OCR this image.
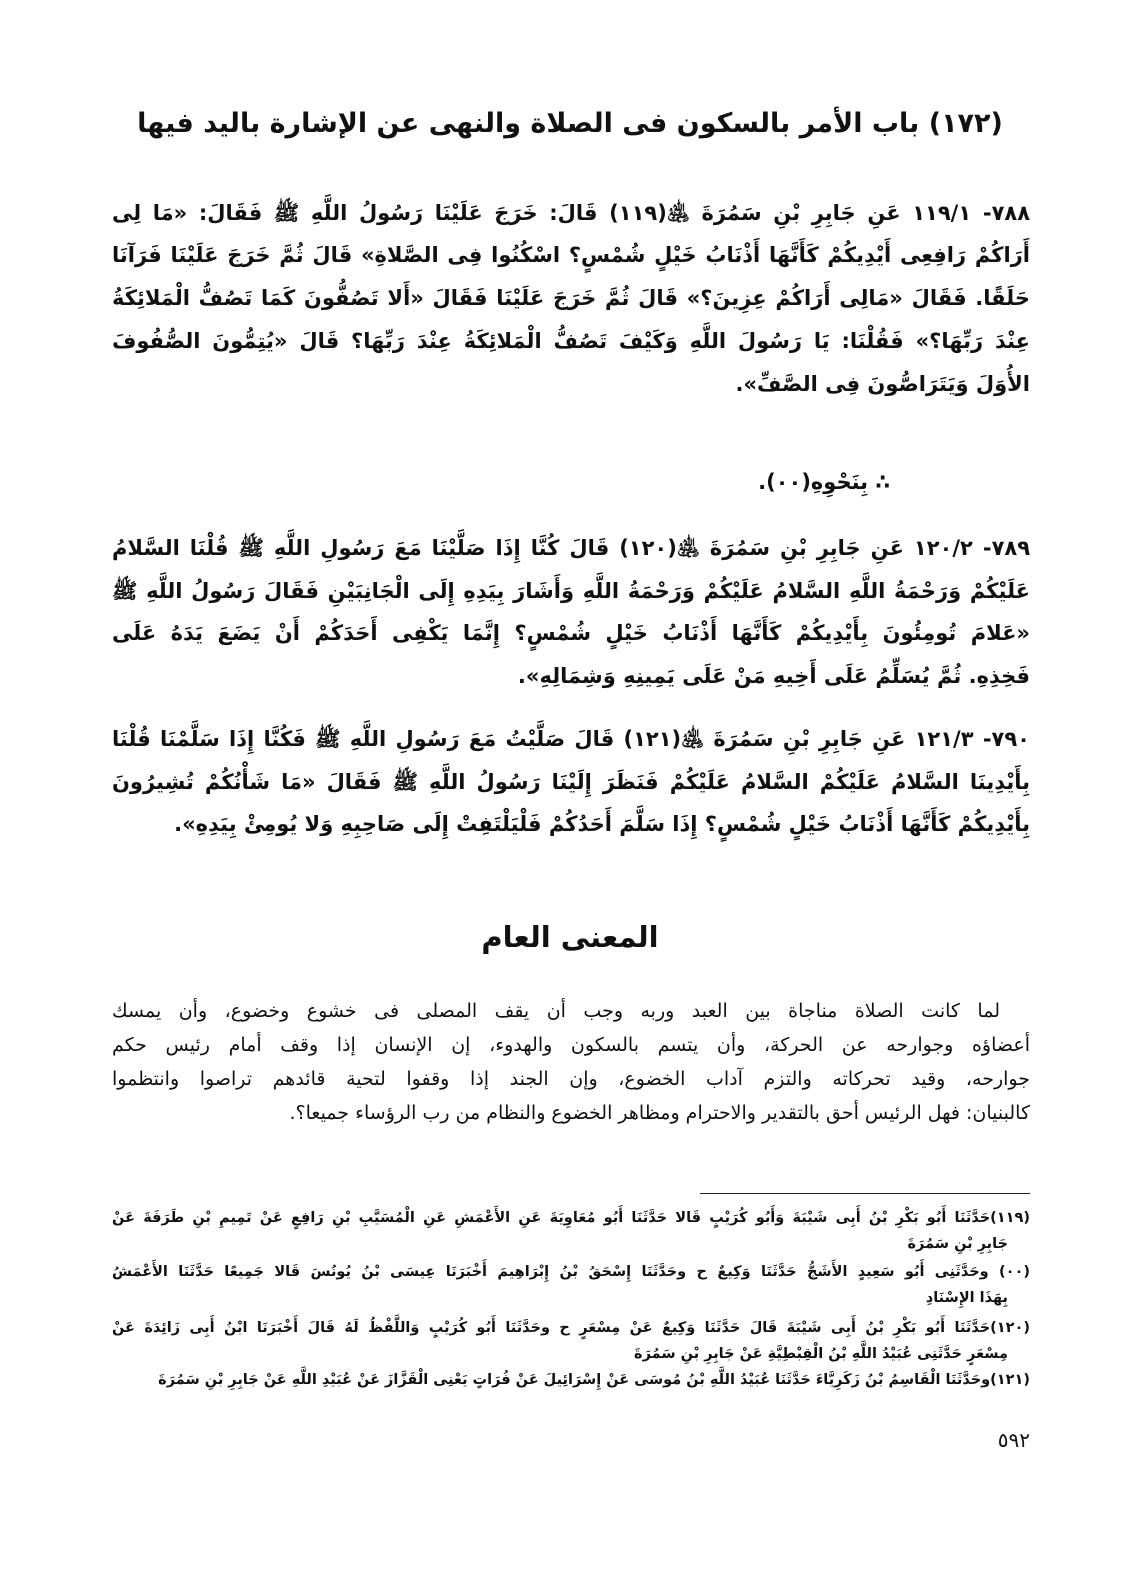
(١٧٢) باب الأمر بالسكون فى الصلاة والنهى عن الإشارة باليد فيها
٧٨٨- ١١٩/١ عَنِ جَابِرِ بْنِ سَمُرَةَ ﵁(١١٩) قَالَ: خَرَجَ عَلَيْنَا رَسُولُ اللَّهِ ﷺ فَقَالَ: «مَا لِى
أَرَاكُمْ رَافِعِى أَيْدِيكُمْ كَأَنَّهَا أَذْنَابُ خَيْلٍ شُمْسٍ؟ اسْكُنُوا فِى الصَّلاةِ» قَالَ ثُمَّ خَرَجَ عَلَيْنَا فَرَآنَا
حَلَقًا. فَقَالَ «مَالِى أَرَاكُمْ عِزِينَ؟» قَالَ ثُمَّ خَرَجَ عَلَيْنَا فَقَالَ «أَلا تَصُفُّونَ كَمَا تَصُفُّ الْمَلائِكَةُ
عِنْدَ رَبِّهَا؟» فَقُلْنَا: يَا رَسُولَ اللَّهِ وَكَيْفَ تَصُفُّ الْمَلائِكَةُ عِنْدَ رَبِّهَا؟ قَالَ «يُتِمُّونَ الصُّفُوفَ
الأُوَلَ وَيَتَرَاصُّونَ فِى الصَّفِّ».
∴ بِنَحْوِهِ(٠٠).
٧٨٩- ١٢٠/٢ عَنِ جَابِرِ بْنِ سَمُرَةَ ﵁(١٢٠) قَالَ كُنَّا إِذَا صَلَّيْنَا مَعَ رَسُولِ اللَّهِ ﷺ قُلْنَا السَّلامُ
عَلَيْكُمْ وَرَحْمَةُ اللَّهِ السَّلامُ عَلَيْكُمْ وَرَحْمَةُ اللَّهِ وَأَشَارَ بِيَدِهِ إِلَى الْجَانِبَيْنِ فَقَالَ رَسُولُ اللَّهِ ﷺ
«عَلامَ تُومِئُونَ بِأَيْدِيكُمْ كَأَنَّهَا أَذْنَابُ خَيْلٍ شُمْسٍ؟ إِنَّمَا يَكْفِى أَحَدَكُمْ أَنْ يَضَعَ يَدَهُ عَلَى
فَخِذِهِ. ثُمَّ يُسَلِّمُ عَلَى أَخِيهِ مَنْ عَلَى يَمِينِهِ وَشِمَالِهِ».
٧٩٠- ١٢١/٣ عَنِ جَابِرِ بْنِ سَمُرَةَ ﵁(١٢١) قَالَ صَلَّيْتُ مَعَ رَسُولِ اللَّهِ ﷺ فَكُنَّا إِذَا سَلَّمْنَا قُلْنَا
بِأَيْدِينَا السَّلامُ عَلَيْكُمْ السَّلامُ عَلَيْكُمْ فَنَظَرَ إِلَيْنَا رَسُولُ اللَّهِ ﷺ فَقَالَ «مَا شَأْنُكُمْ تُشِيرُونَ
بِأَيْدِيكُمْ كَأَنَّهَا أَذْنَابُ خَيْلٍ شُمْسٍ؟ إِذَا سَلَّمَ أَحَدُكُمْ فَلْيَلْتَفِتْ إِلَى صَاحِبِهِ وَلا يُومِئْ بِيَدِهِ».
المعنى العام
لما كانت الصلاة مناجاة بين العبد وربه وجب أن يقف المصلى فى خشوع وخضوع، وأن يمسك
أعضاؤه وجوارحه عن الحركة، وأن يتسم بالسكون والهدوء، إن الإنسان إذا وقف أمام رئيس حكم
جوارحه، وقيد تحركاته والتزم آداب الخضوع، وإن الجند إذا وقفوا لتحية قائدهم تراصوا وانتظموا
كالبنيان: فهل الرئيس أحق بالتقدير والاحترام ومظاهر الخضوع والنظام من رب الرؤساء جميعا؟.
(١١٩)حَدَّثَنَا أَبُو بَكْرِ بْنُ أَبِى شَيْبَةَ وَأَبُو كُرَيْبٍ قَالا حَدَّثَنَا أَبُو مُعَاوِيَةَ عَنِ الأَعْمَشِ عَنِ الْمُسَيَّبِ بْنِ رَافِعٍ عَنْ تَمِيمِ بْنِ طَرَفَةَ عَنْ
جَابِرِ بْنِ سَمُرَةَ
(٠٠) وحَدَّثَنِى أَبُو سَعِيدٍ الأَشَجُّ حَدَّثَنَا وَكِيعٌ ح وحَدَّثَنَا إِسْحَقُ بْنُ إِبْرَاهِيمَ أَخْبَرَنَا عِيسَى بْنُ يُونُسَ قَالا جَمِيعًا حَدَّثَنَا الأَعْمَشُ
بِهَذَا الإِسْنَادِ
(١٢٠)حَدَّثَنَا أَبُو بَكْرِ بْنُ أَبِى شَيْبَةَ قَالَ حَدَّثَنَا وَكِيعٌ عَنْ مِسْعَرٍ ح وحَدَّثَنَا أَبُو كُرَيْبٍ وَاللَّفْظُ لَهُ قَالَ أَخْبَرَنَا ابْنُ أَبِى زَائِدَةَ عَنْ
مِسْعَرٍ حَدَّثَنِى عُبَيْدُ اللَّهِ بْنُ الْقِبْطِيَّةِ عَنْ جَابِرِ بْنِ سَمُرَةَ
(١٢١)وحَدَّثَنَا الْقَاسِمُ بْنُ زَكَرِيَّاءَ حَدَّثَنَا عُبَيْدُ اللَّهِ بْنُ مُوسَى عَنْ إِسْرَائِيلَ عَنْ فُرَاتٍ يَعْنِى الْقَزَّازَ عَنْ عُبَيْدِ اللَّهِ عَنْ جَابِرِ بْنِ سَمُرَةَ
٥٩٢
